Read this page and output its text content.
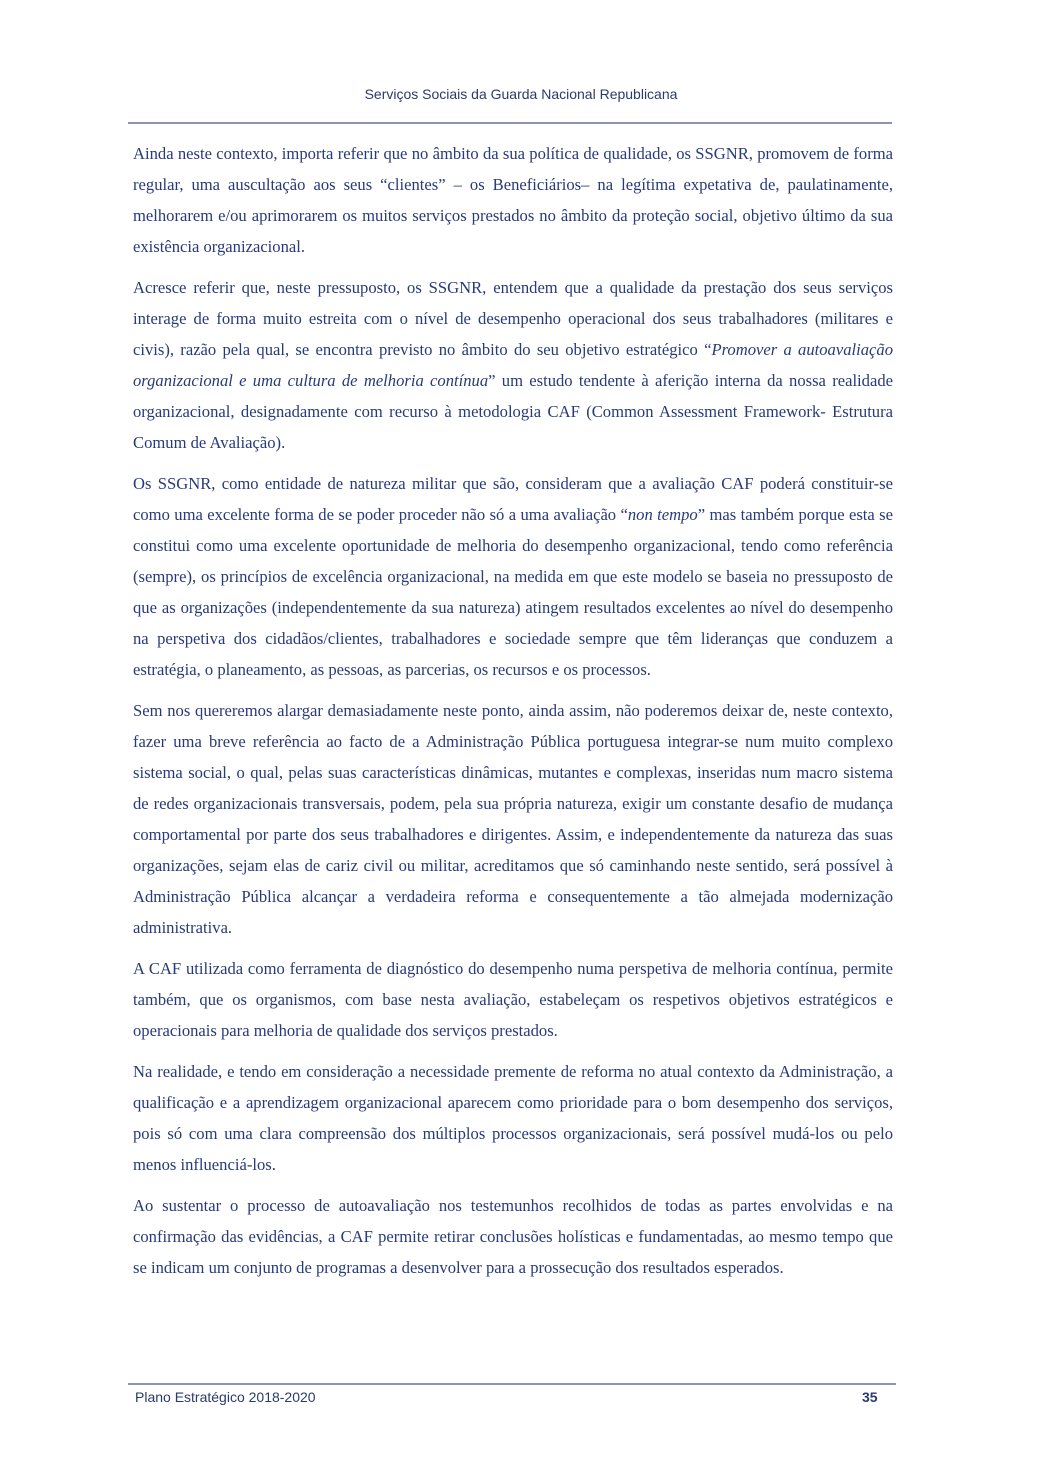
Serviços Sociais da Guarda Nacional Republicana

Ainda neste contexto, importa referir que no âmbito da sua política de qualidade, os SSGNR, promovem de forma regular, uma auscultação aos seus “clientes” – os Beneficiários– na legítima expetativa de, paulatinamente, melhorarem e/ou aprimorarem os muitos serviços prestados no âmbito da proteção social, objetivo último da sua existência organizacional.

Acresce referir que, neste pressuposto, os SSGNR, entendem que a qualidade da prestação dos seus serviços interage de forma muito estreita com o nível de desempenho operacional dos seus trabalhadores (militares e civis), razão pela qual, se encontra previsto no âmbito do seu objetivo estratégico “Promover a autoavaliação organizacional e uma cultura de melhoria contínua” um estudo tendente à aferição interna da nossa realidade organizacional, designadamente com recurso à metodologia CAF (Common Assessment Framework- Estrutura Comum de Avaliação).

Os SSGNR, como entidade de natureza militar que são, consideram que a avaliação CAF poderá constituir-se como uma excelente forma de se poder proceder não só a uma avaliação “non tempo” mas também porque esta se constitui como uma excelente oportunidade de melhoria do desempenho organizacional, tendo como referência (sempre), os princípios de excelência organizacional, na medida em que este modelo se baseia no pressuposto de que as organizações (independentemente da sua natureza) atingem resultados excelentes ao nível do desempenho na perspetiva dos cidadãos/clientes, trabalhadores e sociedade sempre que têm lideranças que conduzem a estratégia, o planeamento, as pessoas, as parcerias, os recursos e os processos.

Sem nos quereremos alargar demasiadamente neste ponto, ainda assim, não poderemos deixar de, neste contexto, fazer uma breve referência ao facto de a Administração Pública portuguesa integrar-se num muito complexo sistema social, o qual, pelas suas características dinâmicas, mutantes e complexas, inseridas num macro sistema de redes organizacionais transversais, podem, pela sua própria natureza, exigir um constante desafio de mudança comportamental por parte dos seus trabalhadores e dirigentes. Assim, e independentemente da natureza das suas organizações, sejam elas de cariz civil ou militar, acreditamos que só caminhando neste sentido, será possível à Administração Pública alcançar a verdadeira reforma e consequentemente a tão almejada modernização administrativa.

A CAF utilizada como ferramenta de diagnóstico do desempenho numa perspetiva de melhoria contínua, permite também, que os organismos, com base nesta avaliação, estabeleçam os respetivos objetivos estratégicos e operacionais para melhoria de qualidade dos serviços prestados.

Na realidade, e tendo em consideração a necessidade premente de reforma no atual contexto da Administração, a qualificação e a aprendizagem organizacional aparecem como prioridade para o bom desempenho dos serviços, pois só com uma clara compreensão dos múltiplos processos organizacionais, será possível mudá-los ou pelo menos influenciá-los.

Ao sustentar o processo de autoavaliação nos testemunhos recolhidos de todas as partes envolvidas e na confirmação das evidências, a CAF permite retirar conclusões holísticas e fundamentadas, ao mesmo tempo que se indicam um conjunto de programas a desenvolver para a prossecução dos resultados esperados.

Plano Estratégico 2018-2020	35
